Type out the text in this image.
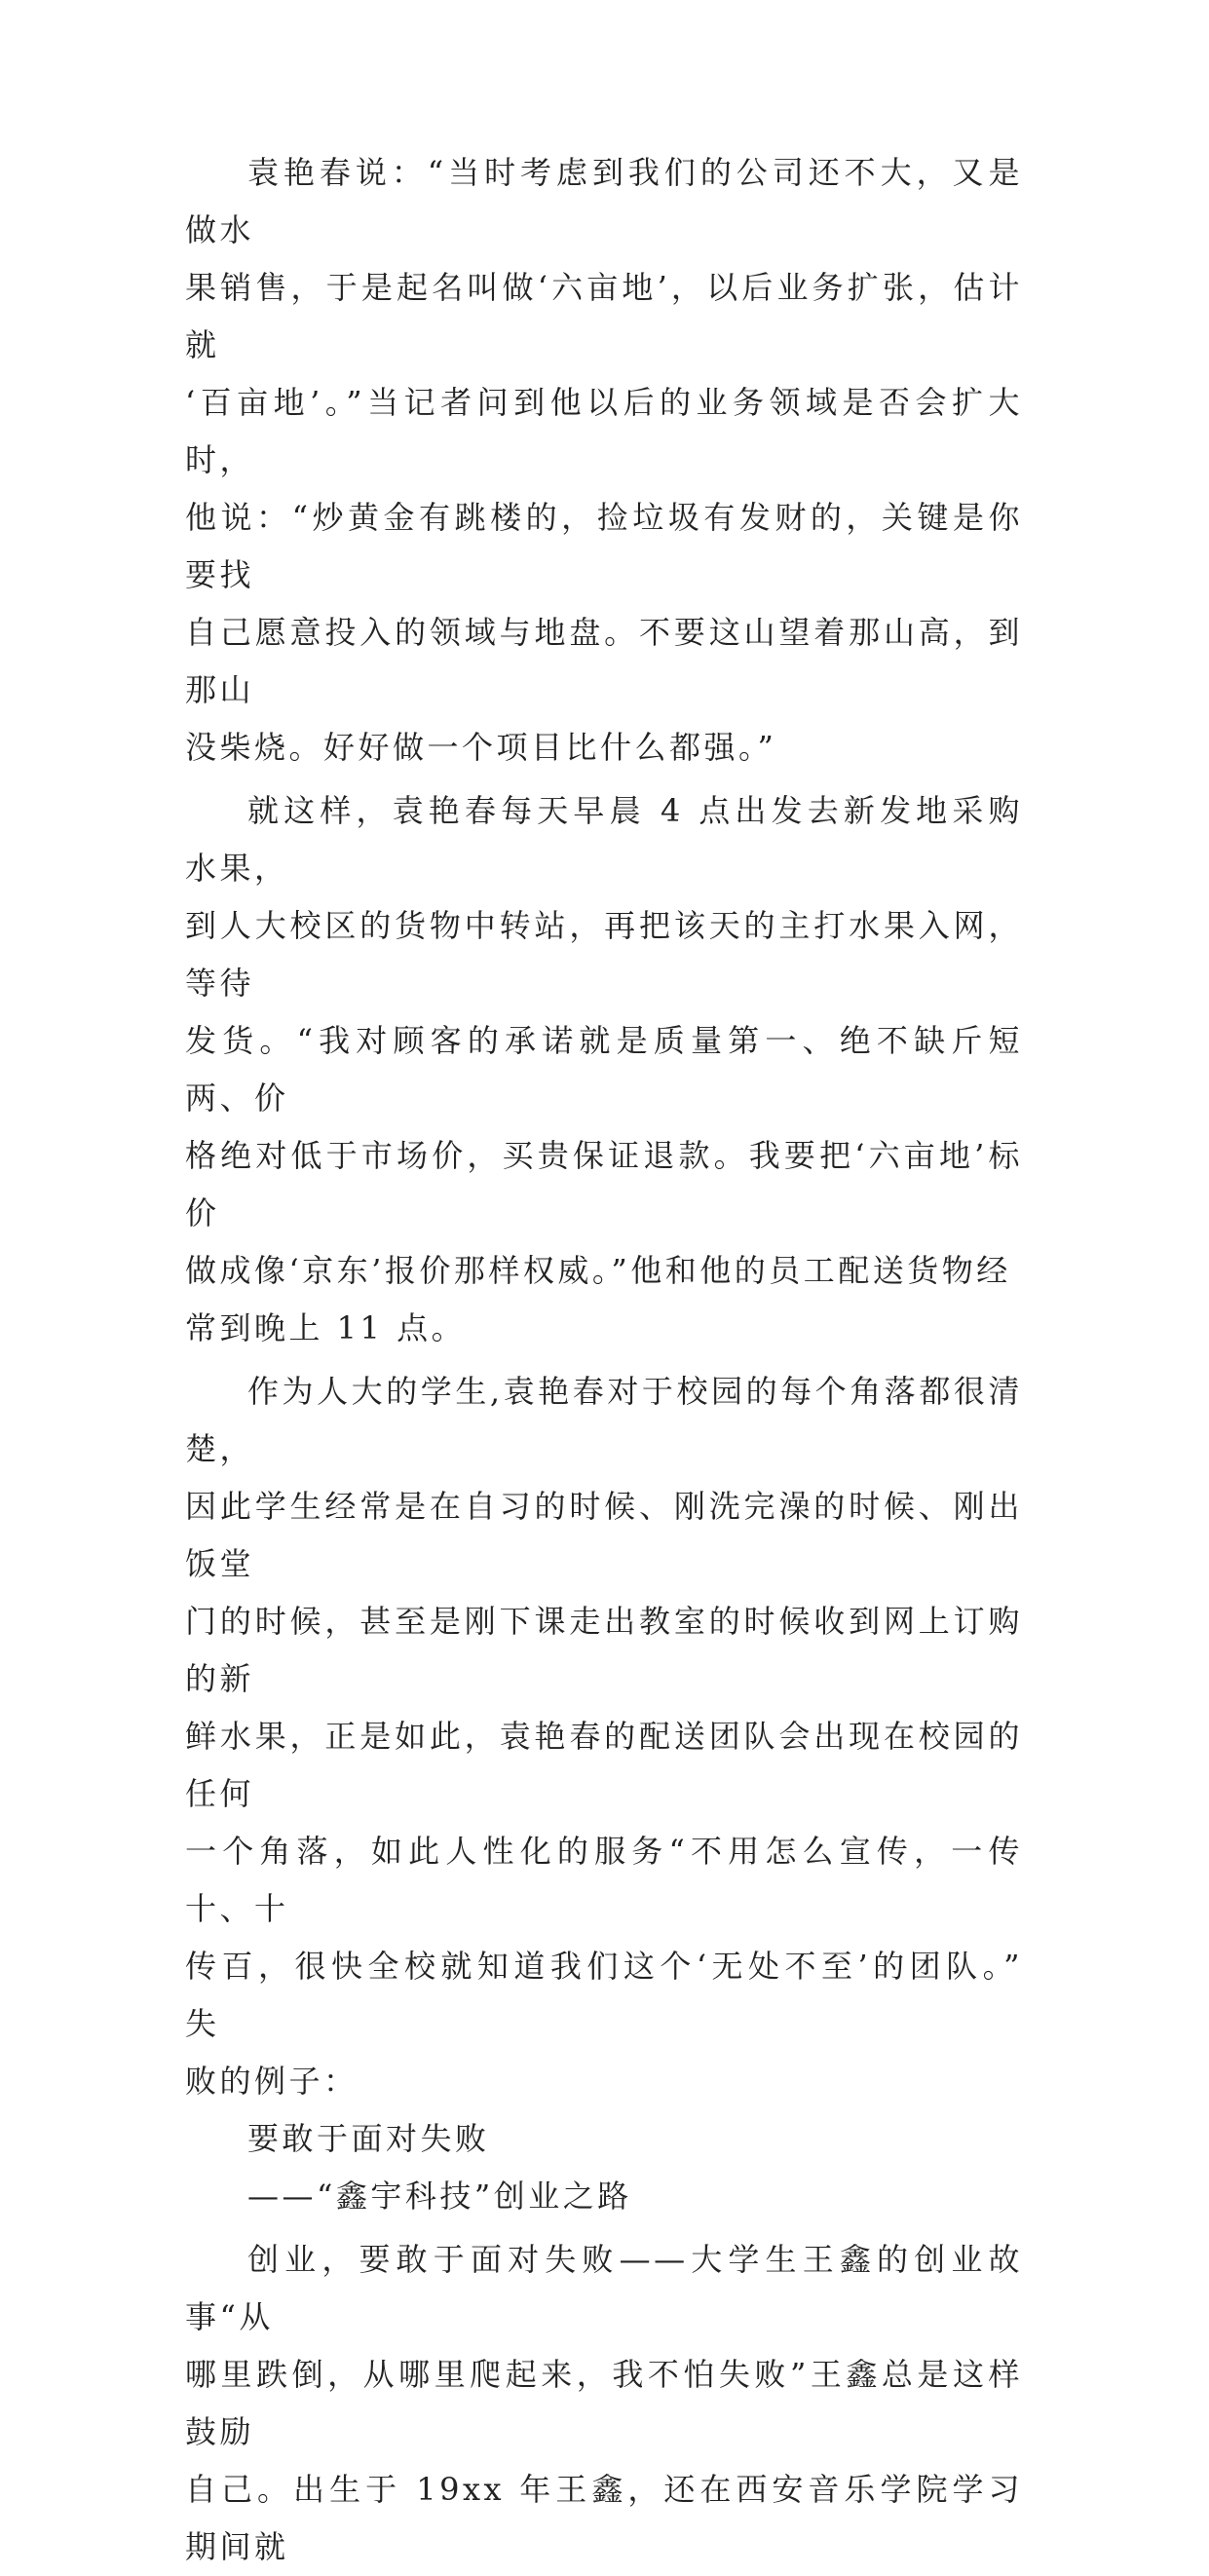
袁艳春说：“当时考虑到我们的公司还不大，又是做水
果销售，于是起名叫做‘六亩地’，以后业务扩张，估计就
‘百亩地’。”当记者问到他以后的业务领域是否会扩大时，
他说：“炒黄金有跳楼的，捡垃圾有发财的，关键是你要找
自己愿意投入的领域与地盘。不要这山望着那山高，到那山
没柴烧。好好做一个项目比什么都强。”

就这样，袁艳春每天早晨 4 点出发去新发地采购水果，
到人大校区的货物中转站，再把该天的主打水果入网，等待
发货。“我对顾客的承诺就是质量第一、绝不缺斤短两、价
格绝对低于市场价，买贵保证退款。我要把‘六亩地’标价
做成像‘京东’报价那样权威。”他和他的员工配送货物经
常到晚上 11 点。

作为人大的学生,袁艳春对于校园的每个角落都很清楚，
因此学生经常是在自习的时候、刚洗完澡的时候、刚出饭堂
门的时候，甚至是刚下课走出教室的时候收到网上订购的新
鲜水果，正是如此，袁艳春的配送团队会出现在校园的任何
一个角落，如此人性化的服务“不用怎么宣传，一传十、十
传百，很快全校就知道我们这个‘无处不至’的团队。” 失
败的例子：

要敢于面对失败

——“鑫宇科技”创业之路

创业，要敢于面对失败——大学生王鑫的创业故事“从
哪里跌倒，从哪里爬起来，我不怕失败”王鑫总是这样鼓励
自己。出生于 19xx 年王鑫，还在西安音乐学院学习期间就
